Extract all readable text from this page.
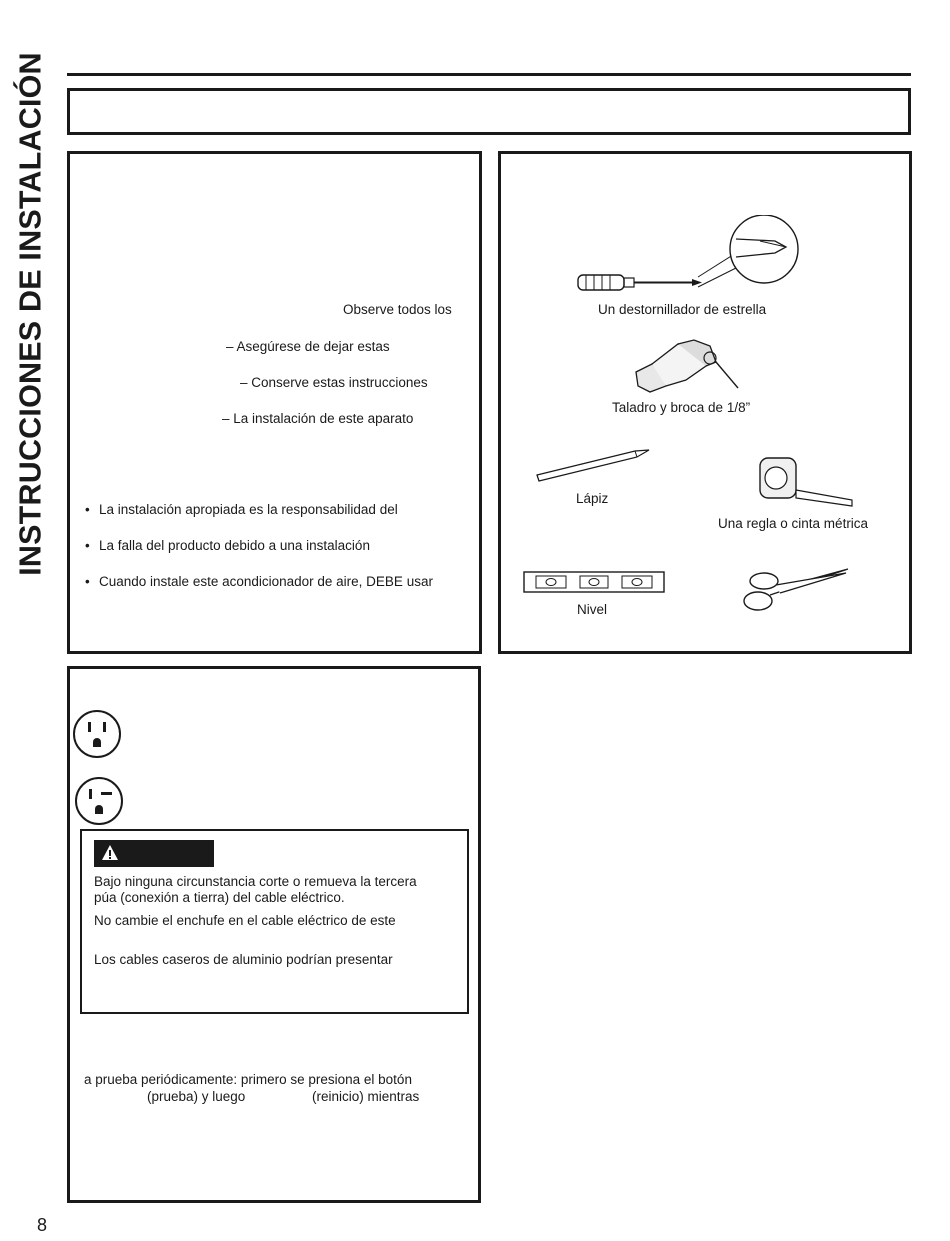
INSTRUCCIONES DE INSTALACIÓN	Observe todos los
– Asegúrese de dejar estas
– Conserve estas instrucciones
– La instalación de este aparato
• La instalación apropiada es la responsabilidad del
• La falla del producto debido a una instalación
• Cuando instale este acondicionador de aire, DEBE usar
Un destornillador de estrella
Taladro y broca de 1/8”
Lápiz
Una regla o cinta métrica
Nivel
Bajo ninguna circunstancia corte o remueva la tercera
púa (conexión a tierra) del cable eléctrico.
No cambie el enchufe en el cable eléctrico de este
Los cables caseros de aluminio podrían presentar
a prueba periódicamente: primero se presiona el botón
(prueba) y luego	(reinicio) mientras
8
